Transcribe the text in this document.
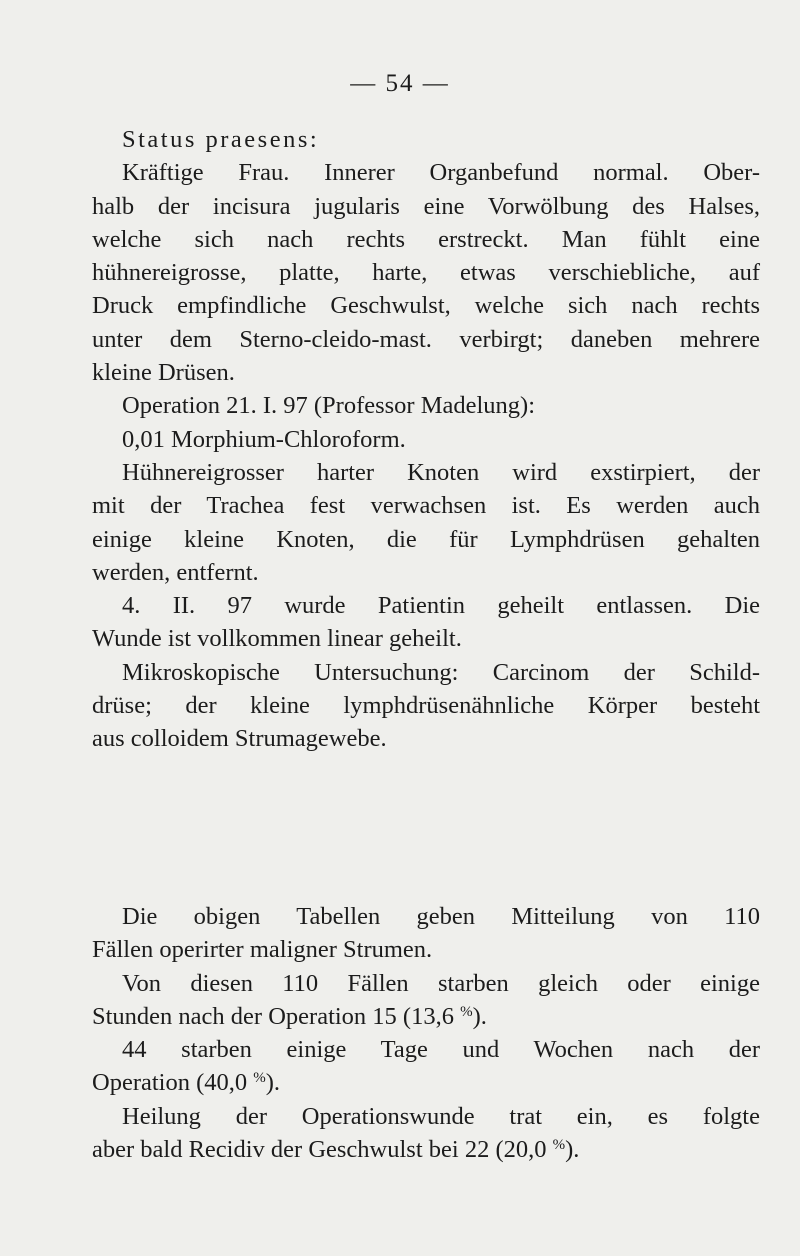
— 54 —
Status praesens:
Kräftige Frau. Innerer Organbefund normal. Ober-
halb der incisura jugularis eine Vorwölbung des Halses,
welche sich nach rechts erstreckt. Man fühlt eine
hühnereigrosse, platte, harte, etwas verschiebliche, auf
Druck empfindliche Geschwulst, welche sich nach rechts
unter dem Sterno-cleido-mast. verbirgt; daneben mehrere
kleine Drüsen.
Operation 21. I. 97 (Professor Madelung):
0,01 Morphium-Chloroform.
Hühnereigrosser harter Knoten wird exstirpiert, der
mit der Trachea fest verwachsen ist. Es werden auch
einige kleine Knoten, die für Lymphdrüsen gehalten
werden, entfernt.
4. II. 97 wurde Patientin geheilt entlassen. Die
Wunde ist vollkommen linear geheilt.
Mikroskopische Untersuchung: Carcinom der Schild-
drüse; der kleine lymphdrüsenähnliche Körper besteht
aus colloidem Strumagewebe.
Die obigen Tabellen geben Mitteilung von 110
Fällen operirter maligner Strumen.
Von diesen 110 Fällen starben gleich oder einige
Stunden nach der Operation 15 (13,6 %).
44 starben einige Tage und Wochen nach der
Operation (40,0 %).
Heilung der Operationswunde trat ein, es folgte
aber bald Recidiv der Geschwulst bei 22 (20,0 %).
